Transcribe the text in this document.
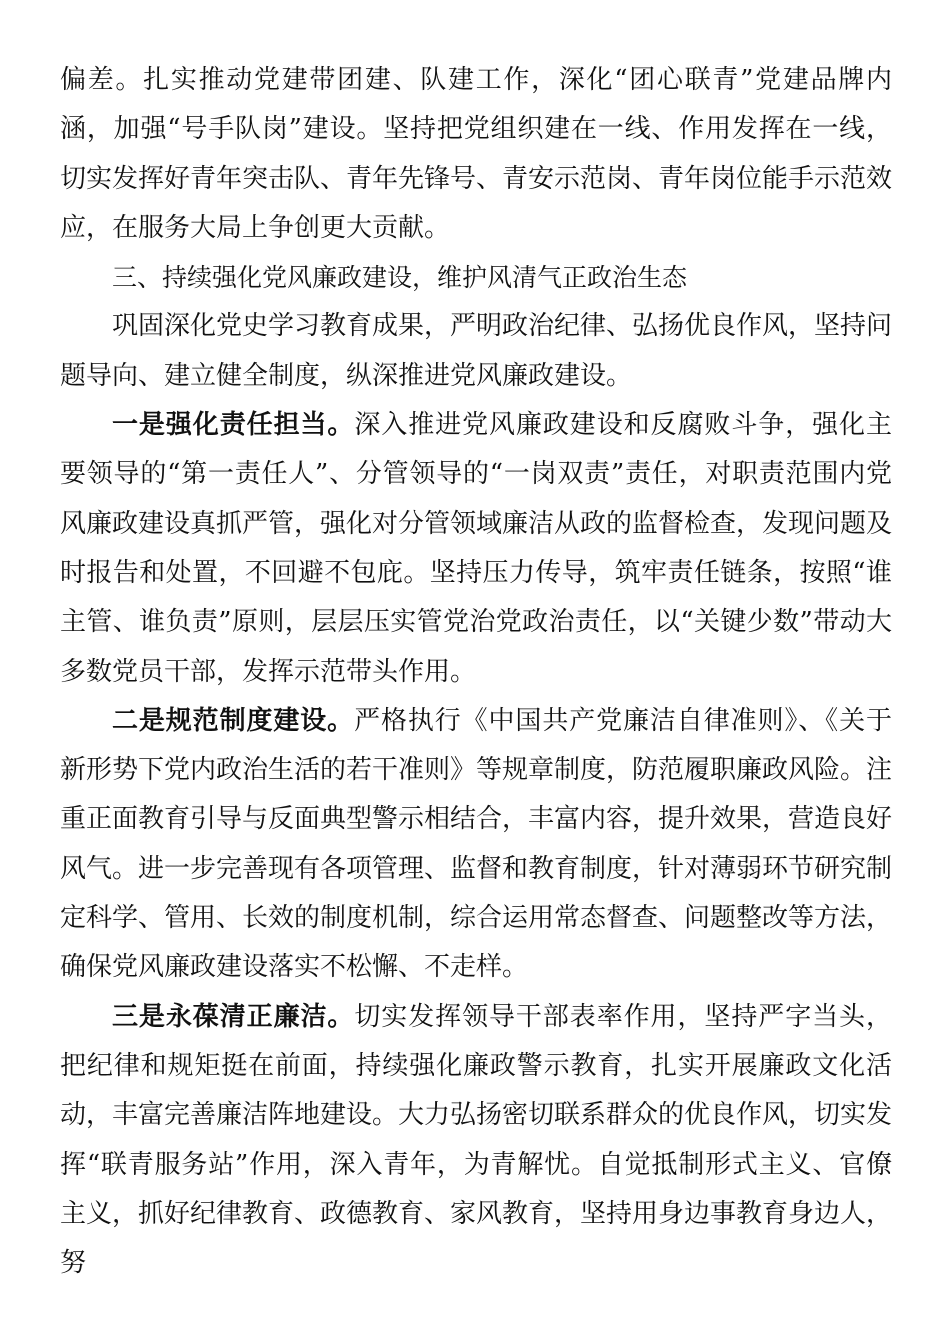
偏差。扎实推动党建带团建、队建工作，深化“团心联青”党建品牌内涵，加强“号手队岗”建设。坚持把党组织建在一线、作用发挥在一线，切实发挥好青年突击队、青年先锋号、青安示范岗、青年岗位能手示范效应，在服务大局上争创更大贡献。

三、持续强化党风廉政建设，维护风清气正政治生态

巩固深化党史学习教育成果，严明政治纪律、弘扬优良作风，坚持问题导向、建立健全制度，纵深推进党风廉政建设。

一是强化责任担当。深入推进党风廉政建设和反腐败斗争，强化主要领导的“第一责任人”、分管领导的“一岗双责”责任，对职责范围内党风廉政建设真抓严管，强化对分管领域廉洁从政的监督检查，发现问题及时报告和处置，不回避不包庇。坚持压力传导，筑牢责任链条，按照“谁主管、谁负责”原则，层层压实管党治党政治责任，以“关键少数”带动大多数党员干部，发挥示范带头作用。

二是规范制度建设。严格执行《中国共产党廉洁自律准则》、《关于新形势下党内政治生活的若干准则》等规章制度，防范履职廉政风险。注重正面教育引导与反面典型警示相结合，丰富内容，提升效果，营造良好风气。进一步完善现有各项管理、监督和教育制度，针对薄弱环节研究制定科学、管用、长效的制度机制，综合运用常态督查、问题整改等方法，确保党风廉政建设落实不松懈、不走样。

三是永葆清正廉洁。切实发挥领导干部表率作用，坚持严字当头，把纪律和规矩挺在前面，持续强化廉政警示教育，扎实开展廉政文化活动，丰富完善廉洁阵地建设。大力弘扬密切联系群众的优良作风，切实发挥“联青服务站”作用，深入青年，为青解忧。自觉抵制形式主义、官僚主义，抓好纪律教育、政德教育、家风教育，坚持用身边事教育身边人，努
